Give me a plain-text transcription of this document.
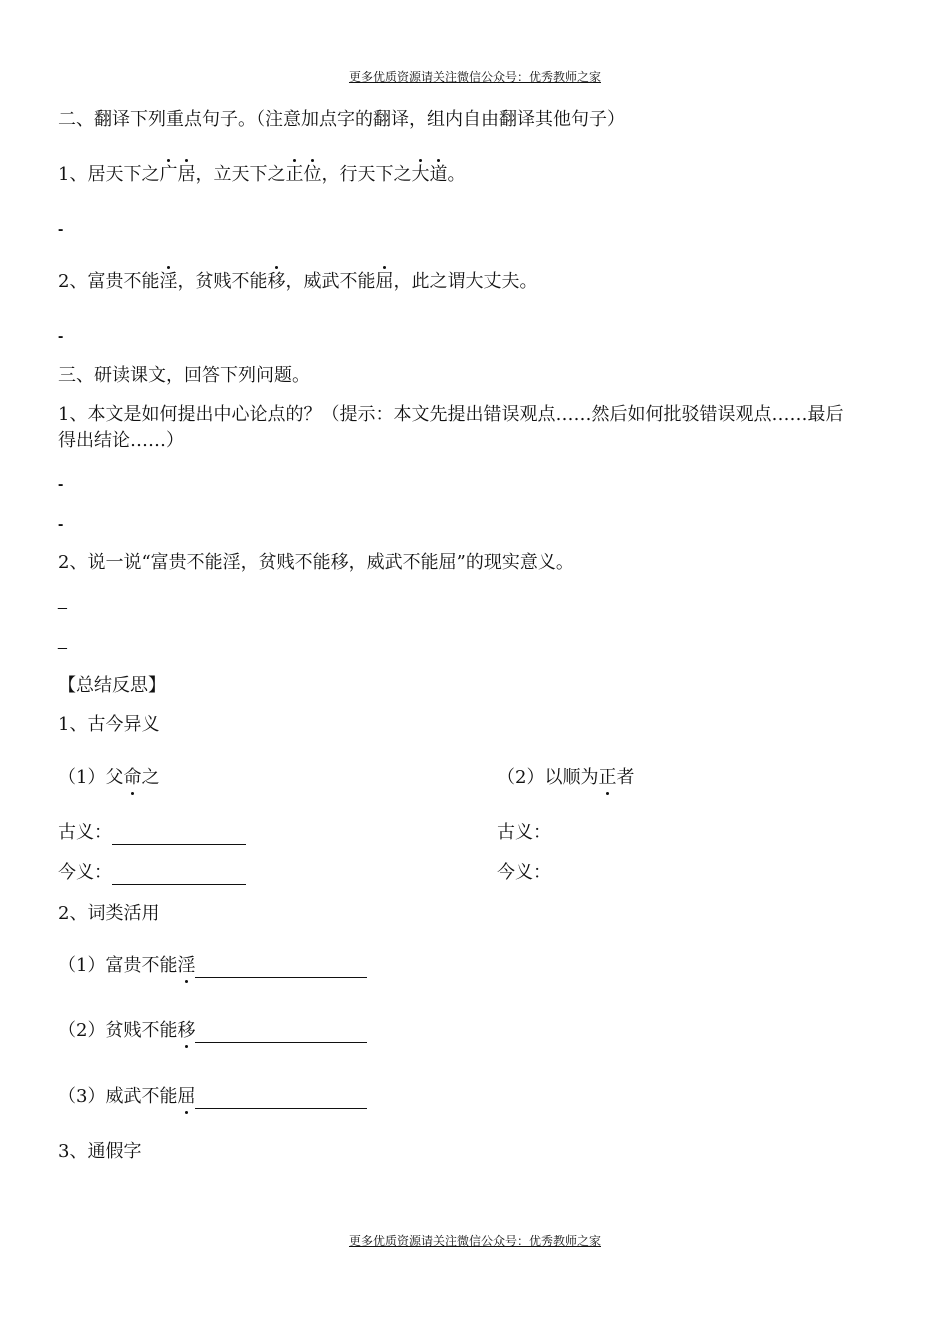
更多优质资源请关注微信公众号：优秀教师之家
二、翻译下列重点句子。（注意加点字的翻译，组内自由翻译其他句子）
1、居天下之广居，立天下之正位，行天下之大道。
-
2、富贵不能淫，贫贱不能移，威武不能屈，此之谓大丈夫。
-
三、研读课文，回答下列问题。
1、本文是如何提出中心论点的？（提示：本文先提出错误观点……然后如何批驳错误观点……最后
得出结论……）
-
-
2、说一说“富贵不能淫，贫贱不能移，威武不能屈”的现实意义。
_
_
【总结反思】
1、古今异义
（1）父命之	（2）以顺为正者
古义：	古义：
今义：	今义：
2、词类活用
（1）富贵不能淫
（2）贫贱不能移
（3）威武不能屈
3、通假字
更多优质资源请关注微信公众号：优秀教师之家
